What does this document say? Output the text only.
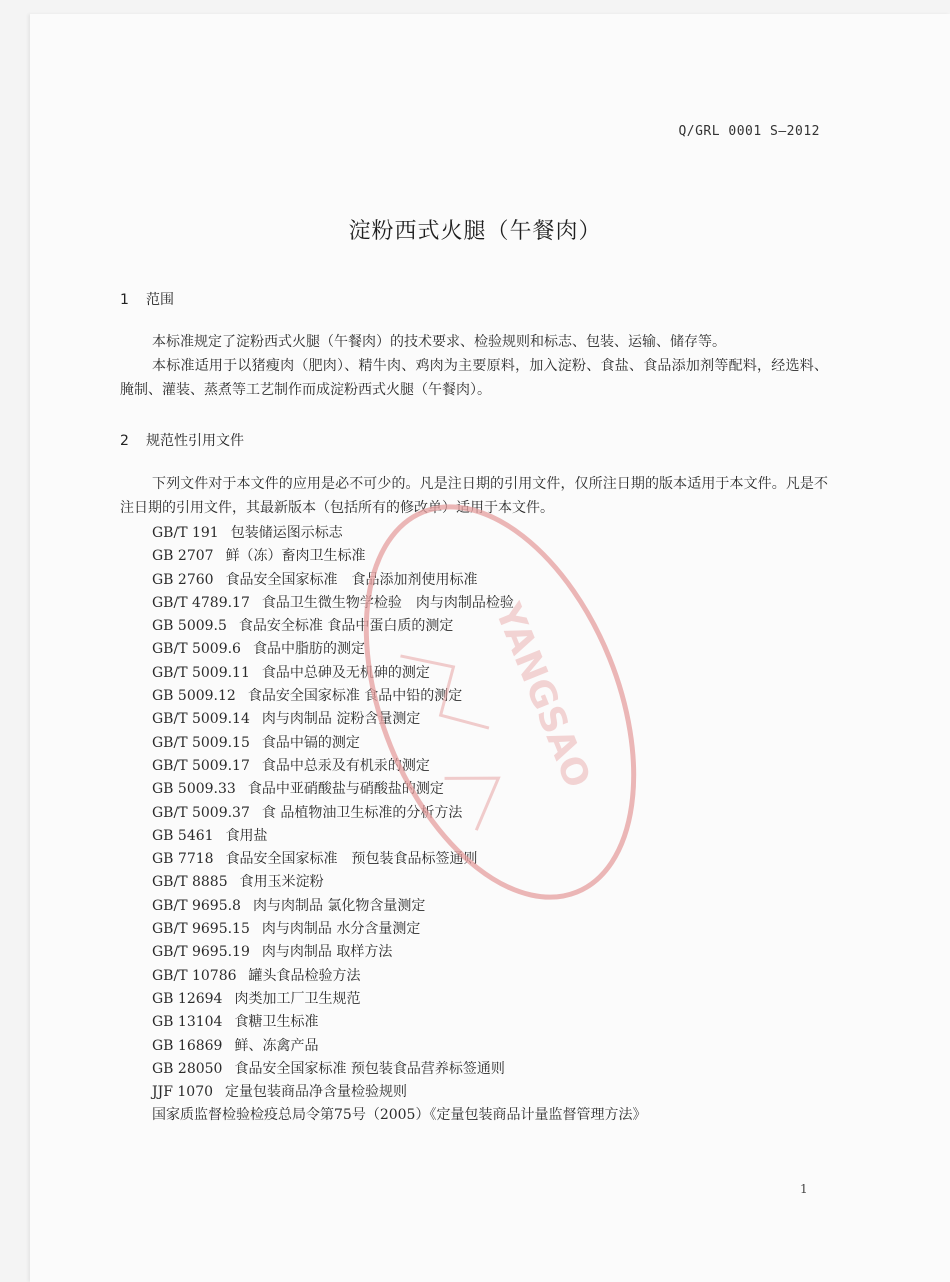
Q/GRL 0001 S—2012
淀粉西式火腿（午餐肉）
1 范围
本标准规定了淀粉西式火腿（午餐肉）的技术要求、检验规则和标志、包装、运输、储存等。
本标准适用于以猪瘦肉（肥肉）、精牛肉、鸡肉为主要原料，加入淀粉、食盐、食品添加剂等配料，经选料、腌制、灌装、蒸煮等工艺制作而成淀粉西式火腿（午餐肉）。
2 规范性引用文件
下列文件对于本文件的应用是必不可少的。凡是注日期的引用文件，仅所注日期的版本适用于本文件。凡是不注日期的引用文件，其最新版本（包括所有的修改单）适用于本文件。
GB/T 191 包装储运图示标志
GB 2707 鲜（冻）畜肉卫生标准
GB 2760 食品安全国家标准　食品添加剂使用标准
GB/T 4789.17 食品卫生微生物学检验　肉与肉制品检验
GB 5009.5 食品安全标准 食品中蛋白质的测定
GB/T 5009.6 食品中脂肪的测定
GB/T 5009.11 食品中总砷及无机砷的测定
GB 5009.12 食品安全国家标准 食品中铅的测定
GB/T 5009.14 肉与肉制品 淀粉含量测定
GB/T 5009.15 食品中镉的测定
GB/T 5009.17 食品中总汞及有机汞的测定
GB 5009.33 食品中亚硝酸盐与硝酸盐的测定
GB/T 5009.37 食 品植物油卫生标准的分析方法
GB 5461 食用盐
GB 7718 食品安全国家标准　预包装食品标签通则
GB/T 8885 食用玉米淀粉
GB/T 9695.8 肉与肉制品 氯化物含量测定
GB/T 9695.15 肉与肉制品 水分含量测定
GB/T 9695.19 肉与肉制品 取样方法
GB/T 10786 罐头食品检验方法
GB 12694 肉类加工厂卫生规范
GB 13104 食糖卫生标准
GB 16869 鲜、冻禽产品
GB 28050 食品安全国家标准 预包装食品营养标签通则
JJF 1070 定量包装商品净含量检验规则
国家质监督检验检疫总局令第75号（2005）《定量包装商品计量监督管理方法》
YANGSAO
1
